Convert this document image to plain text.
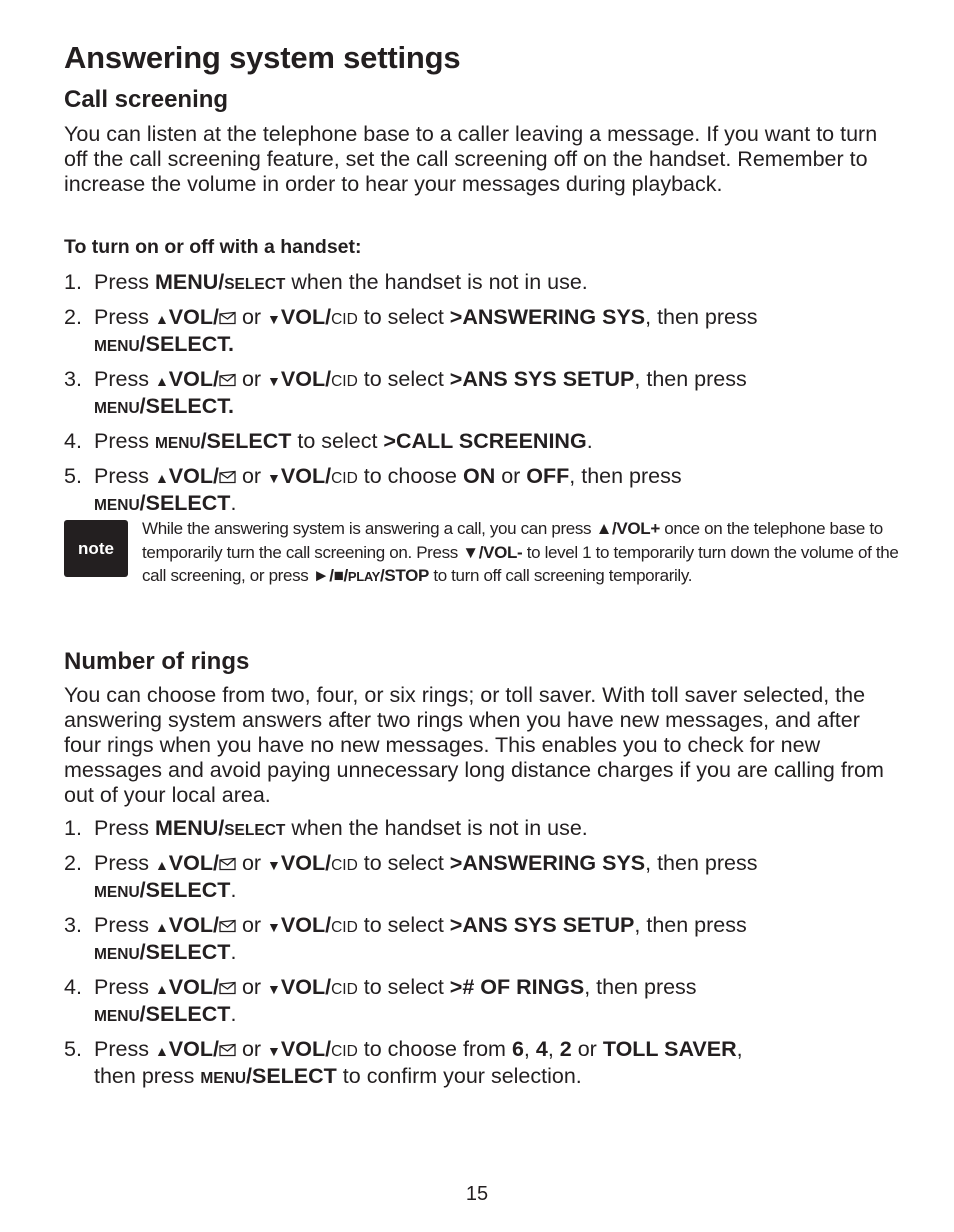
Answering system settings
Call screening

You can listen at the telephone base to a caller leaving a message. If you want to turn off the call screening feature, set the call screening off on the handset. Remember to increase the volume in order to hear your messages during playback.

To turn on or off with a handset:

1. Press MENU/SELECT when the handset is not in use.
2. Press ▲VOL/ or ▼VOL/CID to select >ANSWERING SYS, then press
MENU/SELECT.
3. Press ▲VOL/ or ▼VOL/CID to select >ANS SYS SETUP, then press
MENU/SELECT.
4. Press MENU/SELECT to select >CALL SCREENING.
5. Press ▲VOL/ or ▼VOL/CID to choose ON or OFF, then press
MENU/SELECT.
Number of rings

You can choose from two, four, or six rings; or toll saver. With toll saver selected, the answering system answers after two rings when you have new messages, and after four rings when you have no new messages. This enables you to check for new messages and avoid paying unnecessary long distance charges if you are calling from out of your local area.

1. Press MENU/SELECT when the handset is not in use.
2. Press ▲VOL/ or ▼VOL/CID to select >ANSWERING SYS, then press
MENU/SELECT.
3. Press ▲VOL/ or ▼VOL/CID to select >ANS SYS SETUP, then press
MENU/SELECT.
4. Press ▲VOL/ or ▼VOL/CID to select ># OF RINGS, then press
MENU/SELECT.
5. Press ▲VOL/ or ▼VOL/CID to choose from 6, 4, 2 or TOLL SAVER,
then press MENU/SELECT to confirm your selection.
note

While the answering system is answering a call, you can press ▲/VOL+ once on the telephone base to temporarily turn the call screening on. Press ▼/VOL- to level 1 to temporarily turn down the volume of the call screening, or press ►/■/PLAY/STOP to turn off call screening temporarily.

15
